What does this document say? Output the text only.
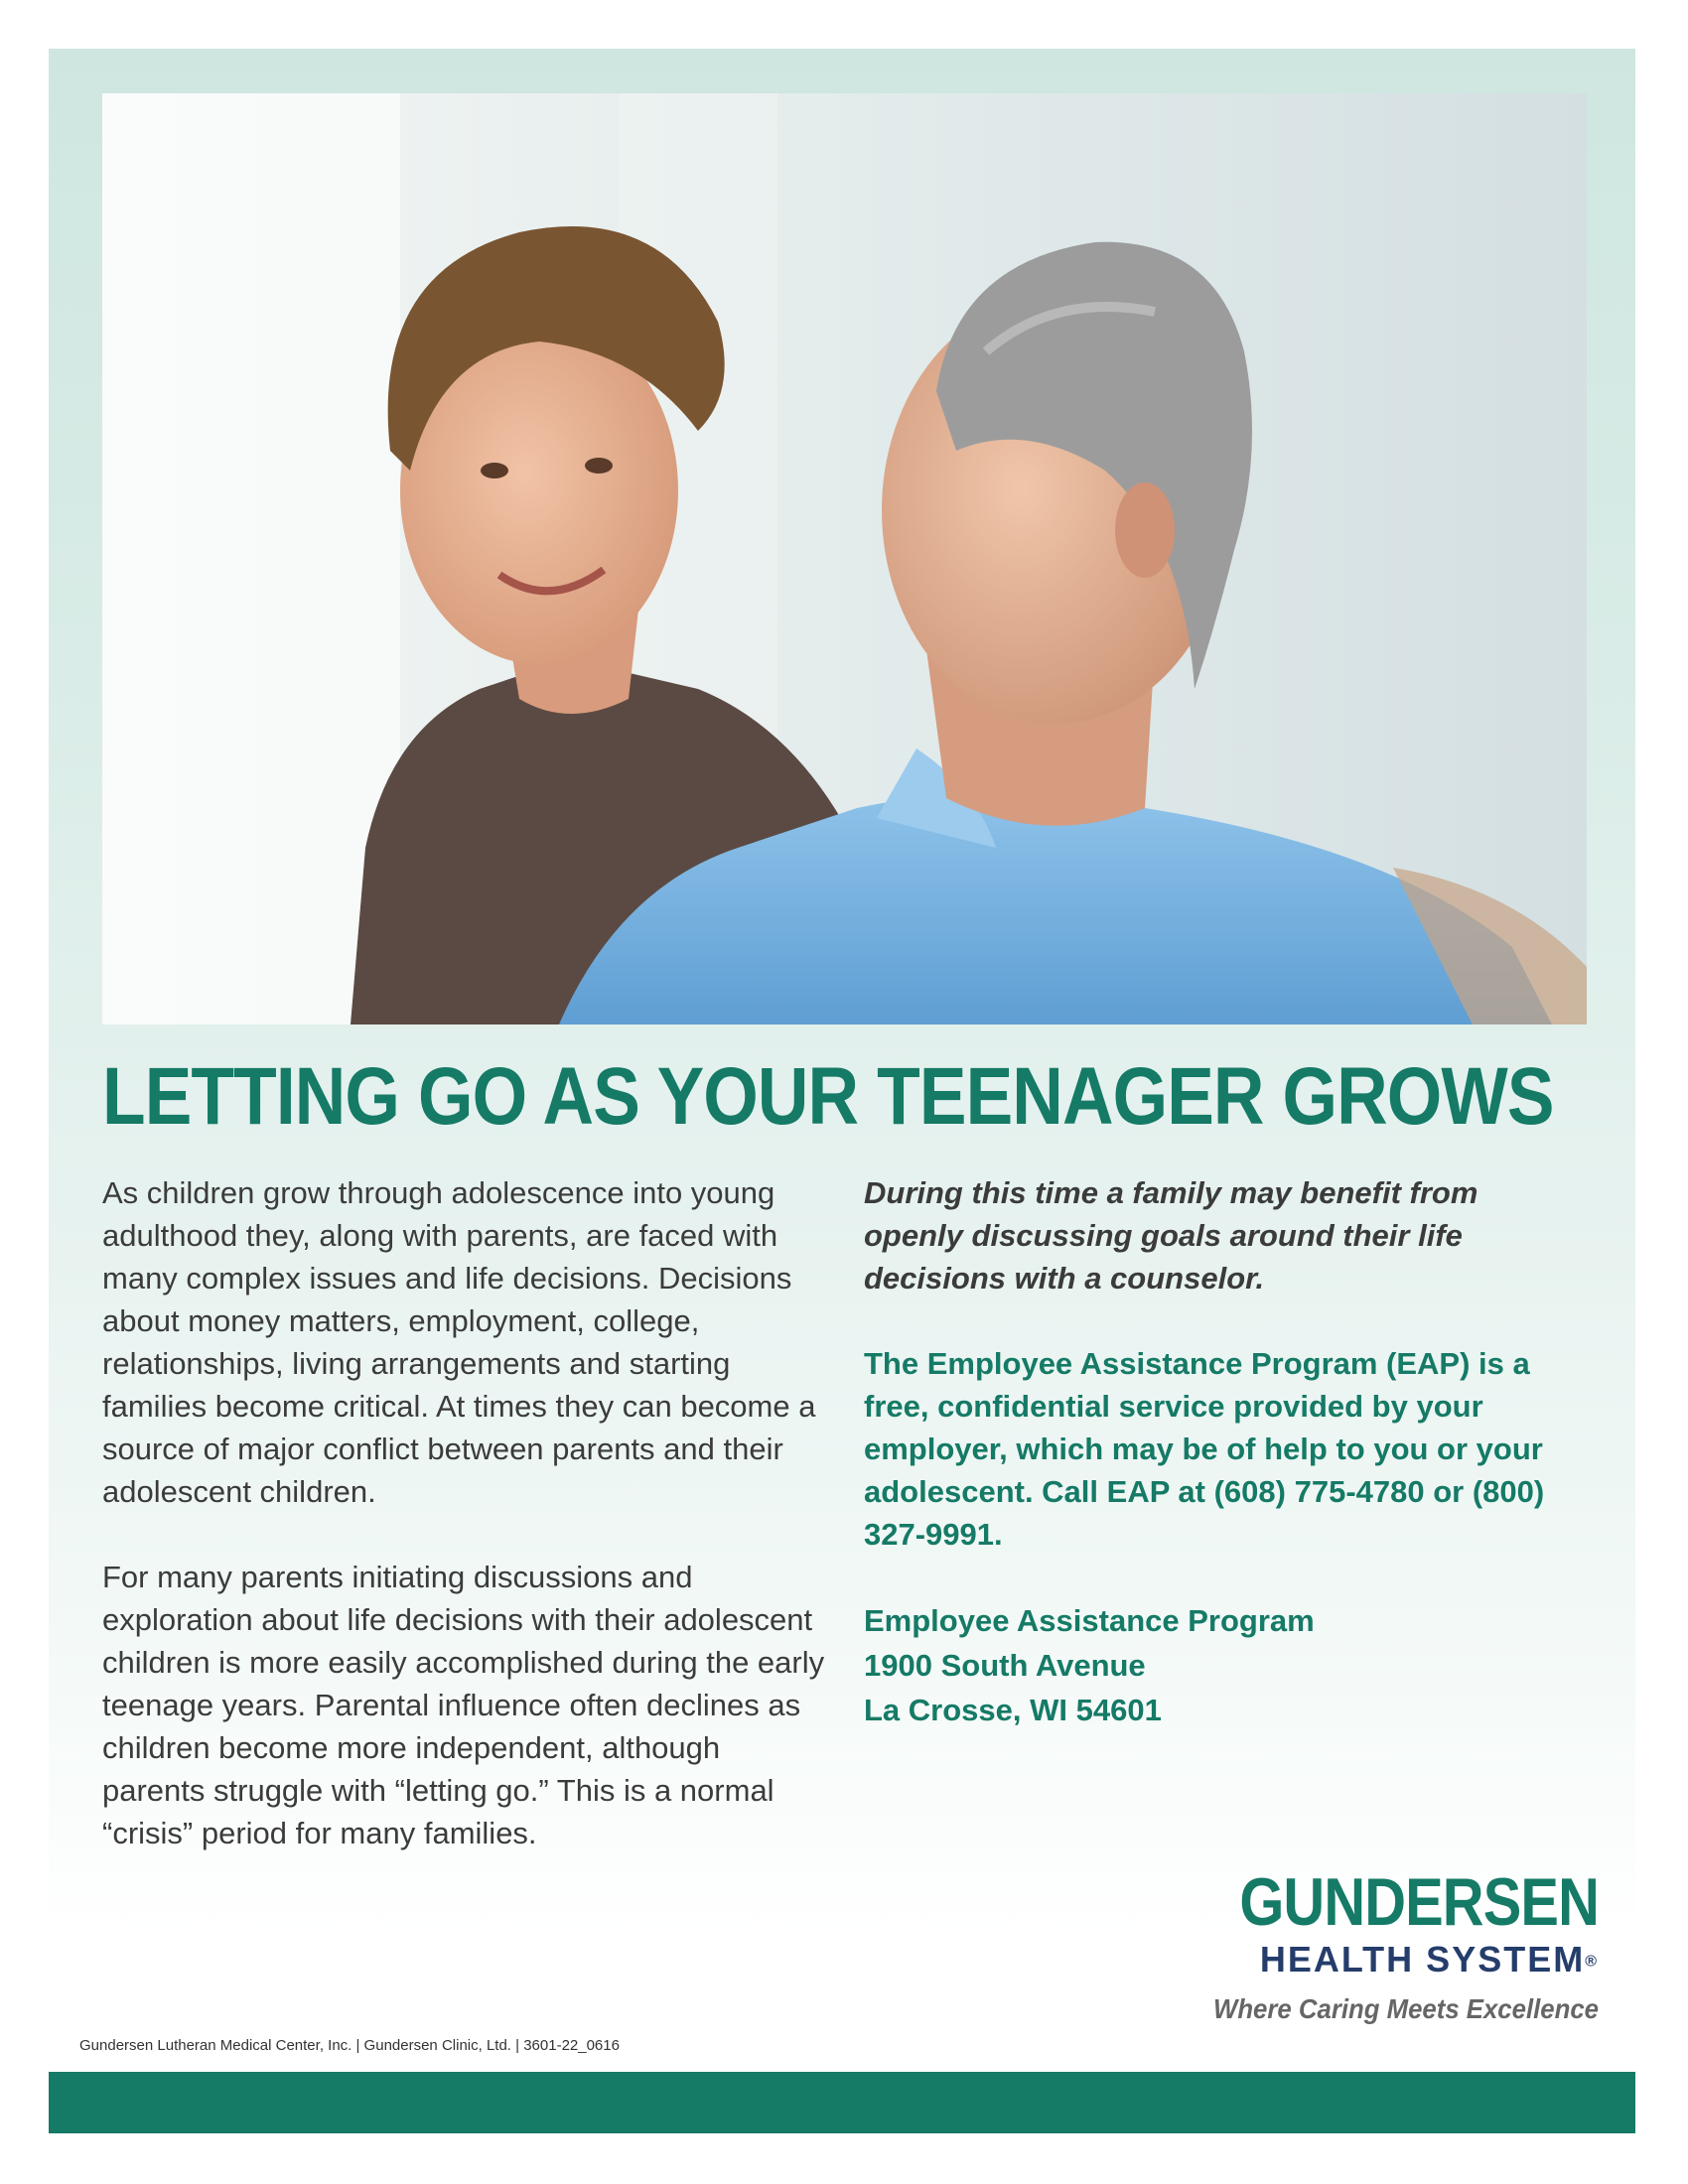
LETTING GO AS YOUR TEENAGER GROWS

As children grow through adolescence into young adulthood they, along with parents, are faced with many complex issues and life decisions. Decisions about money matters, employment, college, relationships, living arrangements and starting families become critical. At times they can become a source of major conflict between parents and their adolescent children.

For many parents initiating discussions and exploration about life decisions with their adolescent children is more easily accomplished during the early teenage years. Parental influence often declines as children become more independent, although parents struggle with “letting go.” This is a normal “crisis” period for many families.

During this time a family may benefit from openly discussing goals around their life decisions with a counselor.

The Employee Assistance Program (EAP) is a free, confidential service provided by your employer, which may be of help to you or your adolescent. Call EAP at (608) 775-4780 or (800) 327-9991.

Employee Assistance Program
1900 South Avenue
La Crosse, WI 54601
GUNDERSEN
HEALTH SYSTEM®
Where Caring Meets Excellence
Gundersen Lutheran Medical Center, Inc. | Gundersen Clinic, Ltd. | 3601-22_0616
